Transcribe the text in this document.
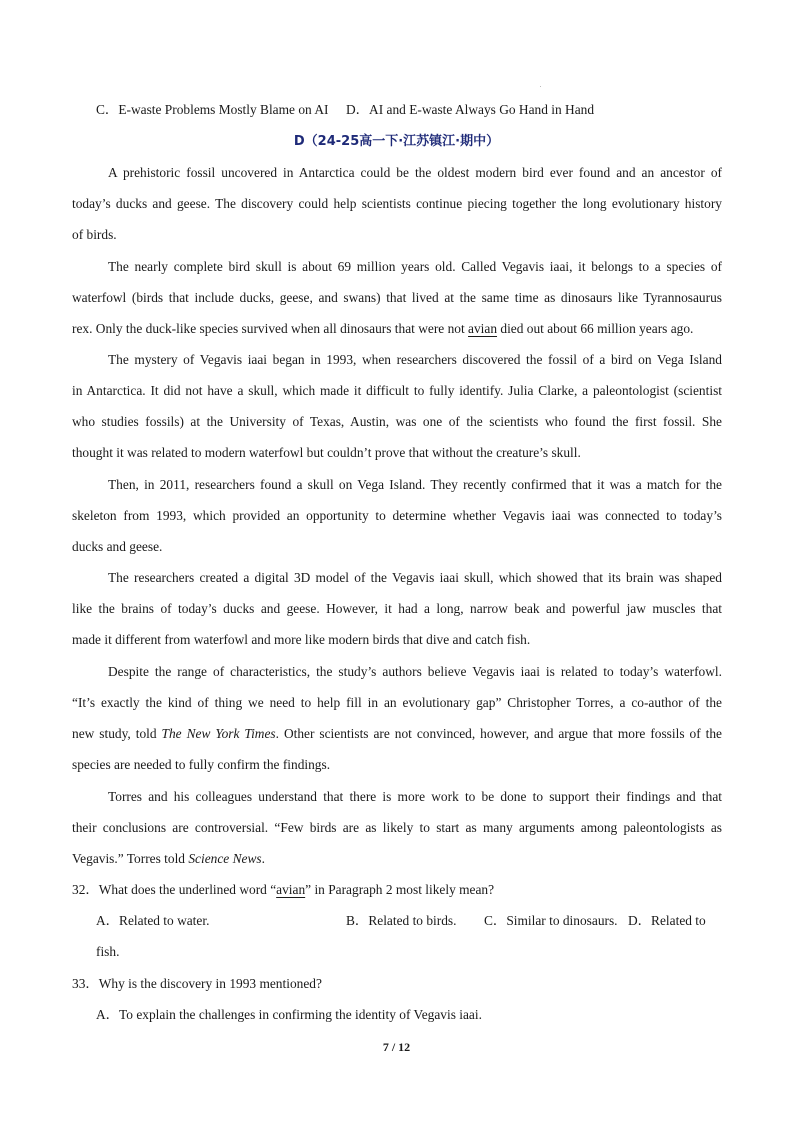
C．E-waste Problems Mostly Blame on AI D．AI and E-waste Always Go Hand in Hand
D（24-25高一下·江苏镇江·期中）
A prehistoric fossil uncovered in Antarctica could be the oldest modern bird ever found and an ancestor of
today’s ducks and geese. The discovery could help scientists continue piecing together the long evolutionary history
of birds.
The nearly complete bird skull is about 69 million years old. Called Vegavis iaai, it belongs to a species of
waterfowl (birds that include ducks, geese, and swans) that lived at the same time as dinosaurs like Tyrannosaurus
rex. Only the duck-like species survived when all dinosaurs that were not avian died out about 66 million years ago.
The mystery of Vegavis iaai began in 1993, when researchers discovered the fossil of a bird on Vega Island
in Antarctica. It did not have a skull, which made it difficult to fully identify. Julia Clarke, a paleontologist (scientist
who studies fossils) at the University of Texas, Austin, was one of the scientists who found the first fossil. She
thought it was related to modern waterfowl but couldn’t prove that without the creature’s skull.
Then, in 2011, researchers found a skull on Vega Island. They recently confirmed that it was a match for the
skeleton from 1993, which provided an opportunity to determine whether Vegavis iaai was connected to today’s
ducks and geese.
The researchers created a digital 3D model of the Vegavis iaai skull, which showed that its brain was shaped
like the brains of today’s ducks and geese. However, it had a long, narrow beak and powerful jaw muscles that
made it different from waterfowl and more like modern birds that dive and catch fish.
Despite the range of characteristics, the study’s authors believe Vegavis iaai is related to today’s waterfowl.
“It’s exactly the kind of thing we need to help fill in an evolutionary gap” Christopher Torres, a co-author of the
new study, told The New York Times. Other scientists are not convinced, however, and argue that more fossils of the
species are needed to fully confirm the findings.
Torres and his colleagues understand that there is more work to be done to support their findings and that
their conclusions are controversial. “Few birds are as likely to start as many arguments among paleontologists as
Vegavis.” Torres told Science News.
32．What does the underlined word “avian” in Paragraph 2 most likely mean?
A．Related to water.	B．Related to birds. C．Similar to dinosaurs. D．Related to
fish.
33．Why is the discovery in 1993 mentioned?
A．To explain the challenges in confirming the identity of Vegavis iaai.
7 / 12
